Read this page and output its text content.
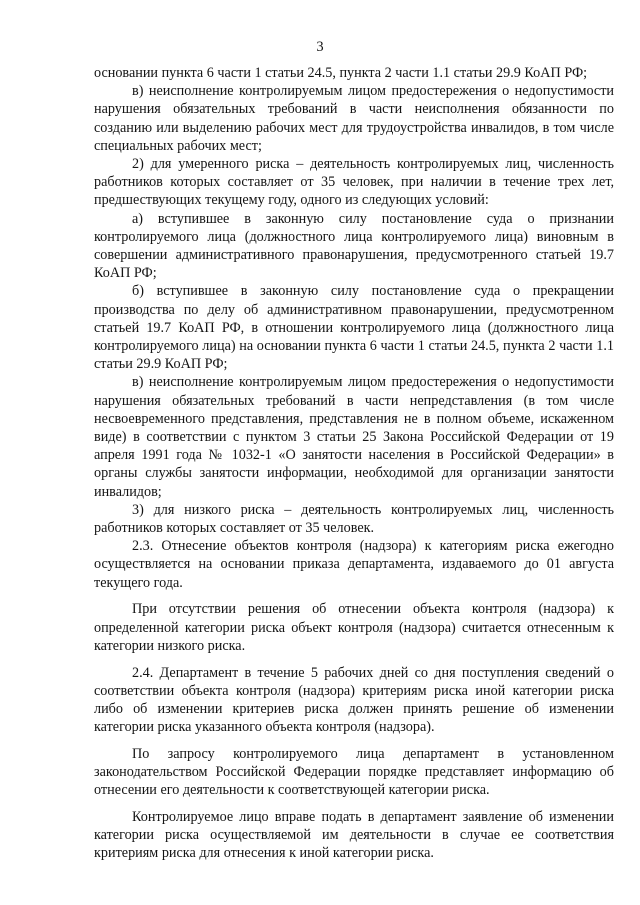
3

основании пункта 6 части 1 статьи 24.5, пункта 2 части 1.1 статьи 29.9 КоАП РФ;

в) неисполнение контролируемым лицом предостережения о недопустимости нарушения обязательных требований в части неисполнения обязанности по созданию или выделению рабочих мест для трудоустройства инвалидов, в том числе специальных рабочих мест;

2) для умеренного риска – деятельность контролируемых лиц, численность работников которых составляет от 35 человек, при наличии в течение трех лет, предшествующих текущему году, одного из следующих условий:

а) вступившее в законную силу постановление суда о признании контролируемого лица (должностного лица контролируемого лица) виновным в совершении административного правонарушения, предусмотренного статьей 19.7 КоАП РФ;

б) вступившее в законную силу постановление суда о прекращении производства по делу об административном правонарушении, предусмотренном статьей 19.7 КоАП РФ, в отношении контролируемого лица (должностного лица контролируемого лица) на основании пункта 6 части 1 статьи 24.5, пункта 2 части 1.1 статьи 29.9 КоАП РФ;

в) неисполнение контролируемым лицом предостережения о недопустимости нарушения обязательных требований в части непредставления (в том числе несвоевременного представления, представления не в полном объеме, искаженном виде) в соответствии с пунктом 3 статьи 25 Закона Российской Федерации от 19 апреля 1991 года № 1032-1 «О занятости населения в Российской Федерации» в органы службы занятости информации, необходимой для организации занятости инвалидов;

3) для низкого риска – деятельность контролируемых лиц, численность работников которых составляет от 35 человек.

2.3. Отнесение объектов контроля (надзора) к категориям риска ежегодно осуществляется на основании приказа департамента, издаваемого до 01 августа текущего года.

При отсутствии решения об отнесении объекта контроля (надзора) к определенной категории риска объект контроля (надзора) считается отнесенным к категории низкого риска.

2.4. Департамент в течение 5 рабочих дней со дня поступления сведений о соответствии объекта контроля (надзора) критериям риска иной категории риска либо об изменении критериев риска должен принять решение об изменении категории риска указанного объекта контроля (надзора).

По запросу контролируемого лица департамент в установленном законодательством Российской Федерации порядке представляет информацию об отнесении его деятельности к соответствующей категории риска.

Контролируемое лицо вправе подать в департамент заявление об изменении категории риска осуществляемой им деятельности в случае ее соответствия критериям риска для отнесения к иной категории риска.
